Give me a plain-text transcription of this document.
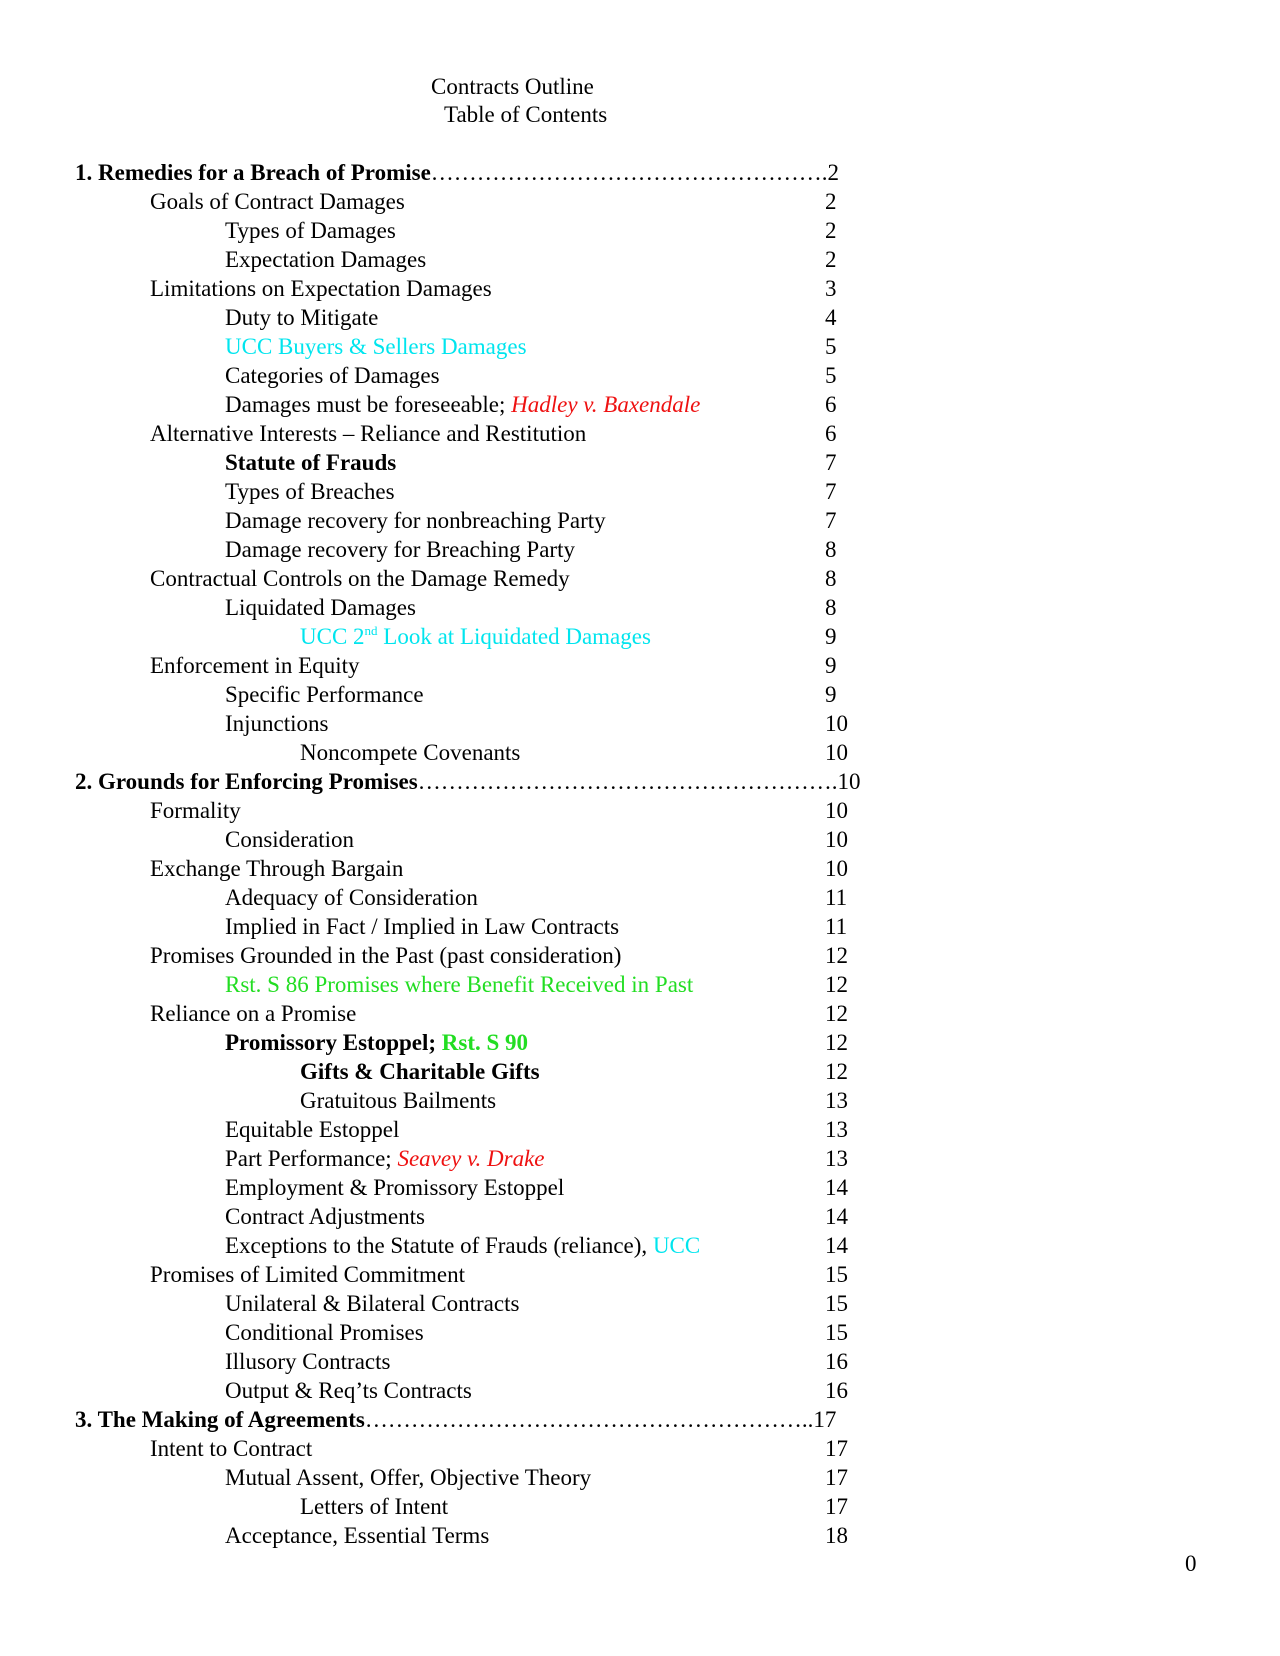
Contracts Outline
Table of Contents
1. Remedies for a Breach of Promise…………………………………………….2
Goals of Contract Damages	2
Types of Damages	2
Expectation Damages	2
Limitations on Expectation Damages	3
Duty to Mitigate	4
UCC Buyers & Sellers Damages	5
Categories of Damages	5
Damages must be foreseeable; Hadley v. Baxendale	6
Alternative Interests – Reliance and Restitution	6
Statute of Frauds	7
Types of Breaches	7
Damage recovery for nonbreaching Party	7
Damage recovery for Breaching Party	8
Contractual Controls on the Damage Remedy	8
Liquidated Damages	8
UCC 2nd Look at Liquidated Damages	9
Enforcement in Equity	9
Specific Performance	9
Injunctions	10
Noncompete Covenants	10
2. Grounds for Enforcing Promises……………………………………………….10
Formality	10
Consideration	10
Exchange Through Bargain	10
Adequacy of Consideration	11
Implied in Fact / Implied in Law Contracts	11
Promises Grounded in the Past (past consideration)	12
Rst. S 86 Promises where Benefit Received in Past	12
Reliance on a Promise	12
Promissory Estoppel; Rst. S 90	12
Gifts & Charitable Gifts	12
Gratuitous Bailments	13
Equitable Estoppel	13
Part Performance; Seavey v. Drake	13
Employment & Promissory Estoppel	14
Contract Adjustments	14
Exceptions to the Statute of Frauds (reliance), UCC	14
Promises of Limited Commitment	15
Unilateral & Bilateral Contracts	15
Conditional Promises	15
Illusory Contracts	16
Output & Req’ts Contracts	16
3. The Making of Agreements…………………………………………………..17
Intent to Contract	17
Mutual Assent, Offer, Objective Theory	17
Letters of Intent	17
Acceptance, Essential Terms	18
0
